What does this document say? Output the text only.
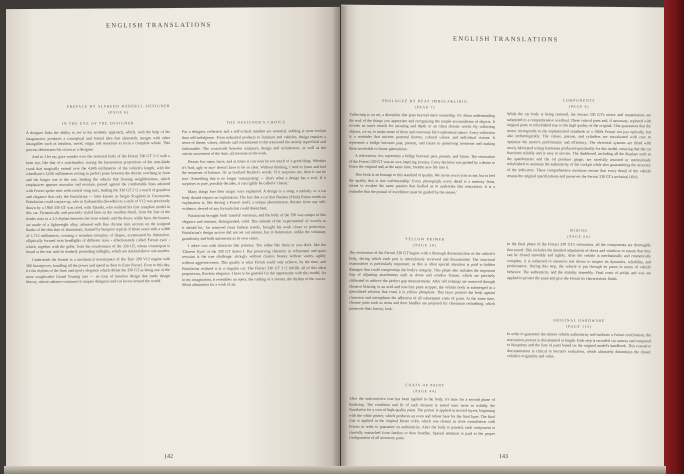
ENGLISH TRANSLATIONS
PREFACE BY ALFREDO HÄBERLI, DESIGNER
(PAGE 6)
IN THE EYE OF THE DESIGNER	THE DESIGNER'S CHOICE

A designer links the ability to see to his aesthetic approach, which, with the help of his imagination, produces a conceptual and formal idea that ultimately merges with other intangibles such as intuition, mood, origin and emotions to form a complete whole. This process determines his vision as a designer.

And so I let my gaze wander over the sectional body of the Ferrari 330 GT 2+2 with a keen eye, like that of a watchmaker, tracing the harmonious proportions of the nine-blade crank that magically extend over the 4,845 millimetres of the vehicle's length, with the wheelbase's 2,650 millimetres resting in perfect poise between the shorter overhang in front and the longer one at the rear, lending the vehicle that floating weightlessness, which emphasizes appears muscular and resolute, poised against the comfortable lines adorned with Ferrari spoke rims with central wing nuts, lending the 330 GT 2+2 a touch of grandeur and elegance that only the Pininfarina — later known as Sergio Scaglietti in Carrozzeria Pininfarina could conjure up, who in Sydamerika (Sweden) as a style of V12 was previously drawn by a 1960 330 GT was cited, with Tjaarda, who realized his first complete model in this car. Dynamically and precisely styled lines in the smallest detail, from the line of the fender rests in a 2:3 rhythm between the front wheels and the doors, while here, the bonnet, are made of a lightweight alloy, adorned with fine chrome trim accents on the sculpted flanks of the thin skin of aluminium, framed by bumpers typical of those years with a width of 1,715 millimetres, creating a seamless interplay of shapes, accentuated by distinctive, elliptically formed twin headlights of different sizes - affectionately called 'Ferrari eyes' - which, together with the grille, form the countenance of the 330 GT, whose counterpart is found at the rear with its tenderly protruding taillights, which are stacked above one another.

Underneath the bonnet is a mechanical masterpiece of the Tipo 209 V12 engine with 300 horsepower, bundling all the power and speed so dear to Enzo Ferrari. Even to this day, it's the rhythm of the lines and sporty elegance which define the 330 GT as being one of the most sought-after Grand Touring cars — an icon of timeless design that made design history, whose radiance continues to inspire designers and car lovers around the world.

For a designer, reflection and a self-critical mindset are essential, nothing is more foolish than self-indulgence. From industrial products to furniture and vehicles, design requires a sense of theme, values, attitude and commitment to the transcend the merely superficial and fashionable. The crossroads between sculpture, design and architecture, as well as the artistic movement of the time, all resonate in the work.

Beauty has many faces, and at times it can even be too much of a good thing. Whether it's 'bad, ugly or nice' doesn't have to be so clear. Without thinking, I tend to listen and feel the moments of balance. Or as Gerhard Richter's words: 'If it surprises me, then it can be true.' Something that is no longer 'unsurprising' — that's when a design has a soul. If it surprises to pure, possibly decades, it can rightly be called a 'classic.'

Many things lose their magic once explained. A design is a song, a melody, or a car body should require no explanation. The fact that a car that Battista (Pinin) Farina needs no explanation is, like driving a Ferrari itself, a unique phenomenon, distinct from any self-evidence, devoid of any formula that could disenchant.

Pininfarina brought forth 'tasteful' emotions, and the body of the 330 was unique in this elegance and restraint, distinguished, solid. This attitude of the 'experimental' of 'exactly as it should be,' far removed from fashion trends, brought his work closer to perfection. Pininfarina's design arrives did not set out minute, but to harmonize, unlike the voluntary grandiosity and bold statements as its own virtue.

I adore cars with character that polarize. You either like them or you don't, like the 'Chinese Eyes' of the 330 GT Series I. But preserving character in refinement and quiet restraint is the true challenge: strongly without clamor, beauty without vanity, agility without aggressiveness. This quality is what Ferrari could only achieve, by the time, and Pininfarina realized it in a singular car. The Ferrari 330 GT 2+2 fulfills all of this ideal proportions, flawless elegance. I have to be grateful for the opportunity with this model, for in my imagination, it resembles an opera, the rushing of a stream, the rhythm of the waves. Silent admiration for a work of art.

142
ENGLISH TRANSLATIONS
PROLOGUE BY BEAT IMHOLZ&LIRIO
(PAGE 7)
COMPONENTS
(PAGE 8)

'Collecting is an art, a discipline that goes beyond mere ownership. It's about understanding the soul of the things you appreciate and recognizing the simple accumulation of objects. It reveals an inner search for meaning and depth or an often chaotic world. By collecting objects, we try to make sense of them and overcome life's ephemeral nature. Every collection is a reminder that mirrors personal history, cultural values, and individual visions. It represents a bridge between past, present, and future to preserving moments and making them accessible to future generations.

A restoration, too, represents a bridge between past, present, and future. The restoration of the Ferrari 330 GT was an awe-inspiring journey. Every decision was guided by a desire to honor the original and, at the same time, breathe new life into it.

This book is an homage to this standard of quality. We invite you to join in me, but to feel the quality that is true craftsmanship. Every photograph, every detail is a memory from, meant to awaken the same passion that fuelled us to undertake this restoration. It is a reminder that the pursuit of excellence must be guided by the senses.'

YELLOW PRIMER
(PAGE 28)

The restoration of the Ferrari 330 GT begins with a thorough deconstruction of the vehicle's body, during which each part is meticulously reviewed and documented. The structural examination is particularly important, as this is often special attention is paid to hidden damages that could compromise the body's integrity. This phase also includes the important step of adjusting attachments such as doors and window frames, which are precisely calibrated to achieve the perfect gap measurements. After old coatings are removed through abrasive blasting or an acid and rust-free paint stripper, the vehicle body is submerged in a specialized solution that coats it in yellow phosphate. This layer protects the body against corrosion and strengthens the adhesion of all subsequent coats of paint. At the same time, chrome parts such as trims and door handles are prepared for chromium refinishing, which preserves their factory look.

COATS OF PAINT
(PAGE 44)

After the anticorrosive coat has been applied to the body, it's time for a second phase of finalising. The condition and fit of each element is tested once more to solidify the foundation for a coat of high-quality paint. The primer is applied in several layers, beginning with the white primer, which produces an even and robust base for the final layer. The final coat is applied in the original Rosso color, which was chosen in close consultation with Ferrari in order to guarantee its authenticity. After the body is painted, each component is carefully reattached from fenders to door handles. Special attention is paid to the proper configuration of all accessory parts.

While the car body is being restored, the Ferrari 330 GT's motor and transmission are submitted to a comprehensive overhaul. These critical parts and, if necessary, replaced with original parts or refurbished true to the high quality of the original. This guarantees that the motor corresponds to the sophisticated standards of a 1960s Ferrari not just optically, but also technologically. The valves, pistons, and cylinders are reevaluated with care to optimize the motor's performance and efficiency. The electrical systems are fitted with newly fabricated wiring harnesses produced specifically for this model, ensuring that the car functions reliably and is easy to service. The dashboard, including all the displays such as the speedometer and the oil pressure gauge, are carefully restored or meticulously refurbished to maintain the authenticity of the cockpit while also guaranteeing the accuracy of the indicators. These comprehensive measures ensure that every detail of the vehicle retains the original specifications and preserves the Ferrari 330 GT's technical DNA.

WIRING
(PAGE 66)

In the final phase of the Ferrari 330 GT's restoration, all the components are thoroughly fine-tuned. This includes the detailed adjustment of doors and windows to ensure that they can be closed smoothly and tightly. After the vehicle is mechanically and cosmetically complete, it is subjected to intensive test drives to inspect its dynamics, reliability, and performance. During this step, the vehicle is put through its paces in terms of vehicle behavior. The authenticity and the stability assembly. Final coats of polish and wax are applied to protect the paint and give the Ferrari its characteristic finish.

ORIGINAL HARDWARE
(PAGE 110)

In order to guarantee the utmost vehicle authenticity and facilitate a Ferrari certification, the restoration process is documented at length. Each step is recorded via camera and compared to blueprints and the lists of parts based on the original model's handbook. This extensive documentation is critical to Ferrari's evaluation, which ultimately determines the classic vehicle's originality and value.

143
